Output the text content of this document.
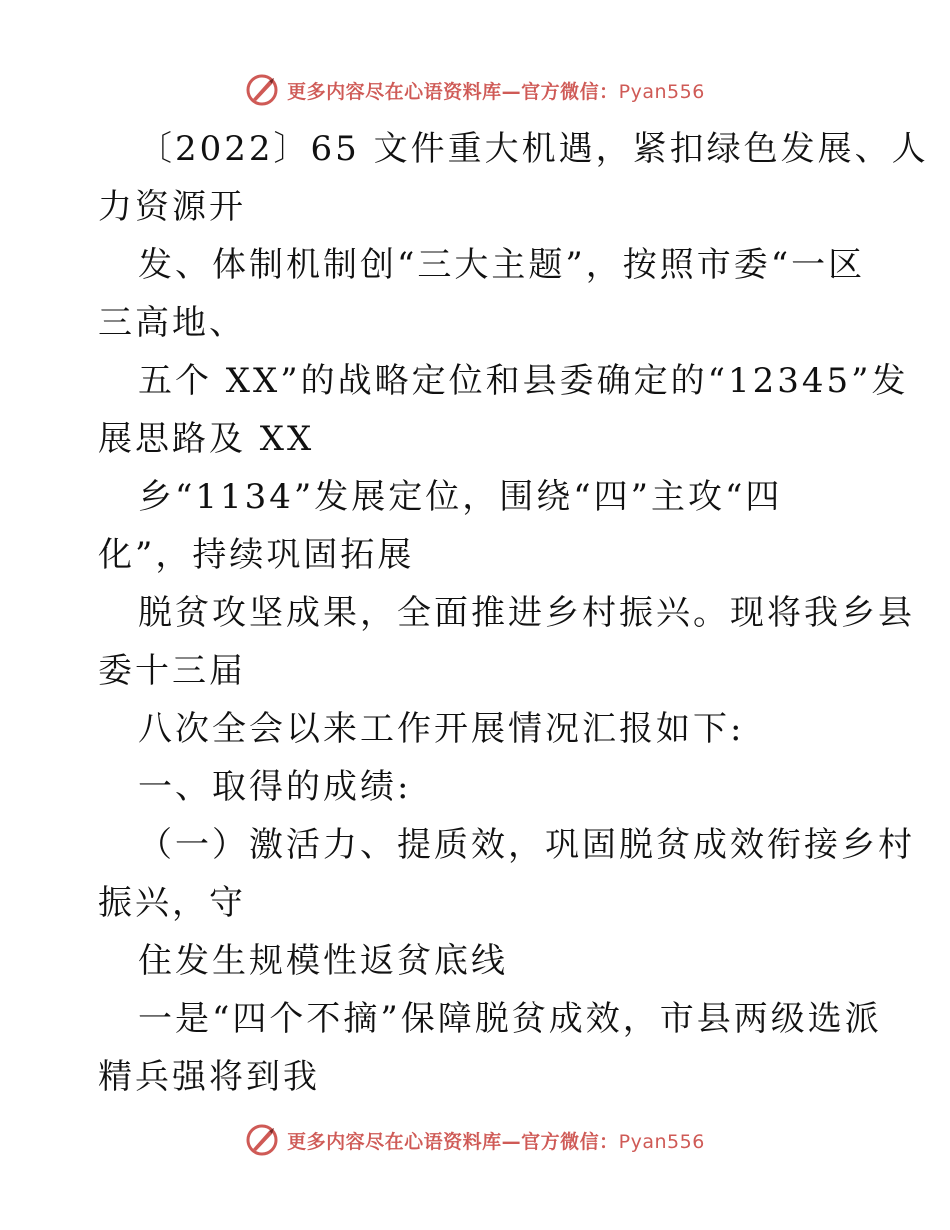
更多内容尽在心语资料库—官方微信：Pyan556
〔2022〕65 文件重大机遇，紧扣绿色发展、人
力资源开
发、体制机制创“三大主题”，按照市委“一区
三高地、
五个 XX”的战略定位和县委确定的“12345”发
展思路及 XX
乡“1134”发展定位，围绕“四”主攻“四
化”，持续巩固拓展
脱贫攻坚成果，全面推进乡村振兴。现将我乡县
委十三届
八次全会以来工作开展情况汇报如下:
一、取得的成绩:
（一）激活力、提质效，巩固脱贫成效衔接乡村
振兴，守
住发生规模性返贫底线
一是“四个不摘”保障脱贫成效，市县两级选派
精兵强将到我
更多内容尽在心语资料库—官方微信：Pyan556
